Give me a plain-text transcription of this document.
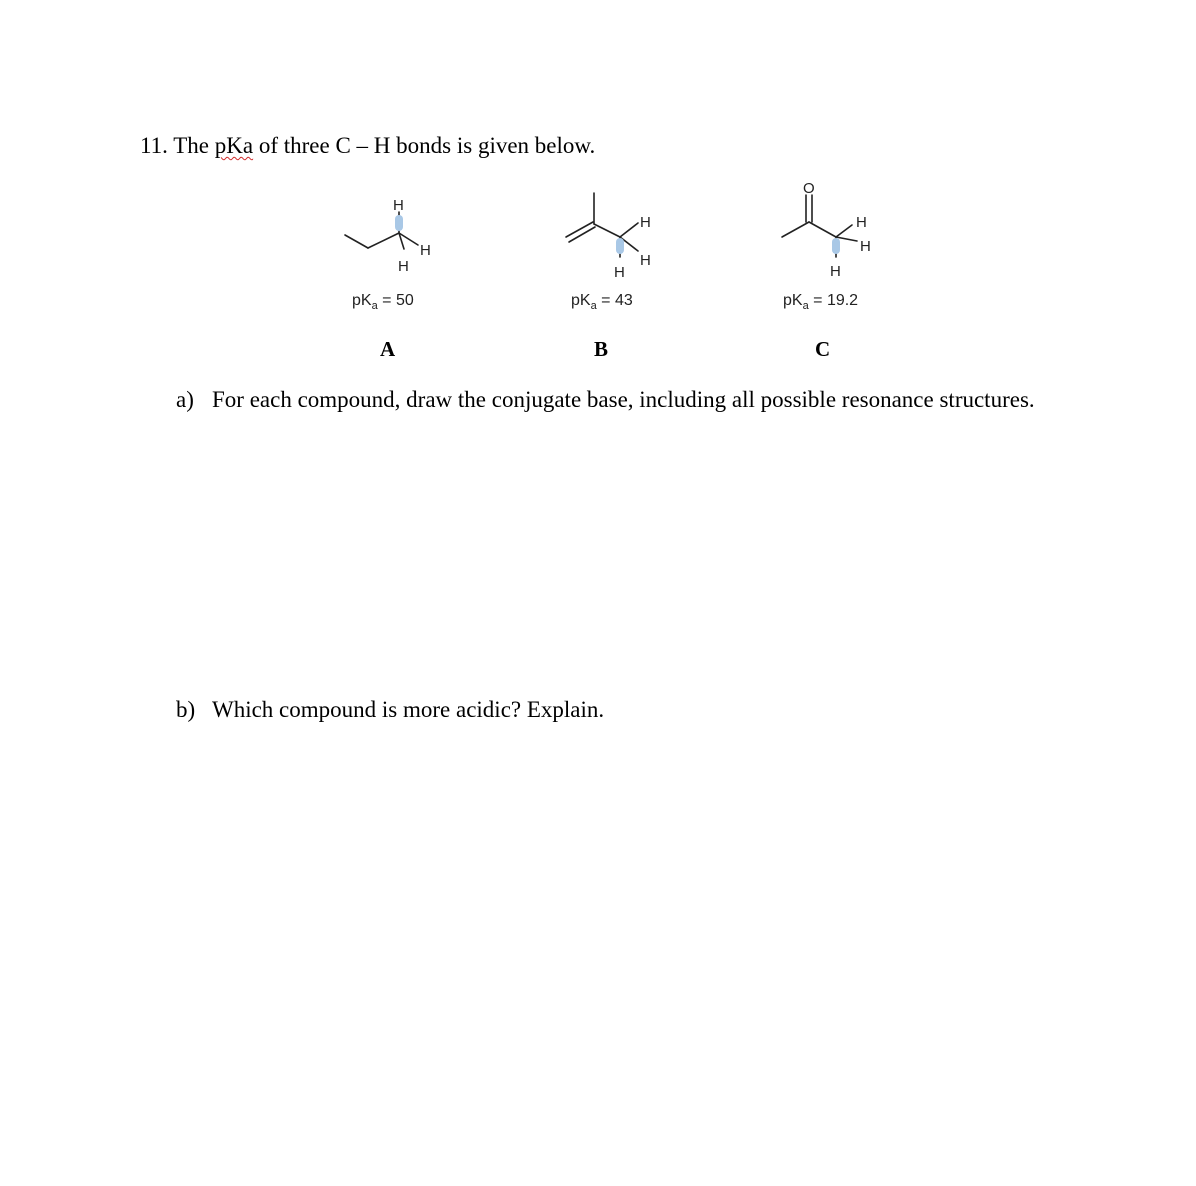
11. The pKa of three C – H bonds is given below.
H
H
H
H
H
H
O
H
H
H
$pK_a = 50$	$pK_a = 43$	$pK_a = 19.2$
A	B	C
a) For each compound, draw the conjugate base, including all possible resonance structures.
b) Which compound is more acidic? Explain.
